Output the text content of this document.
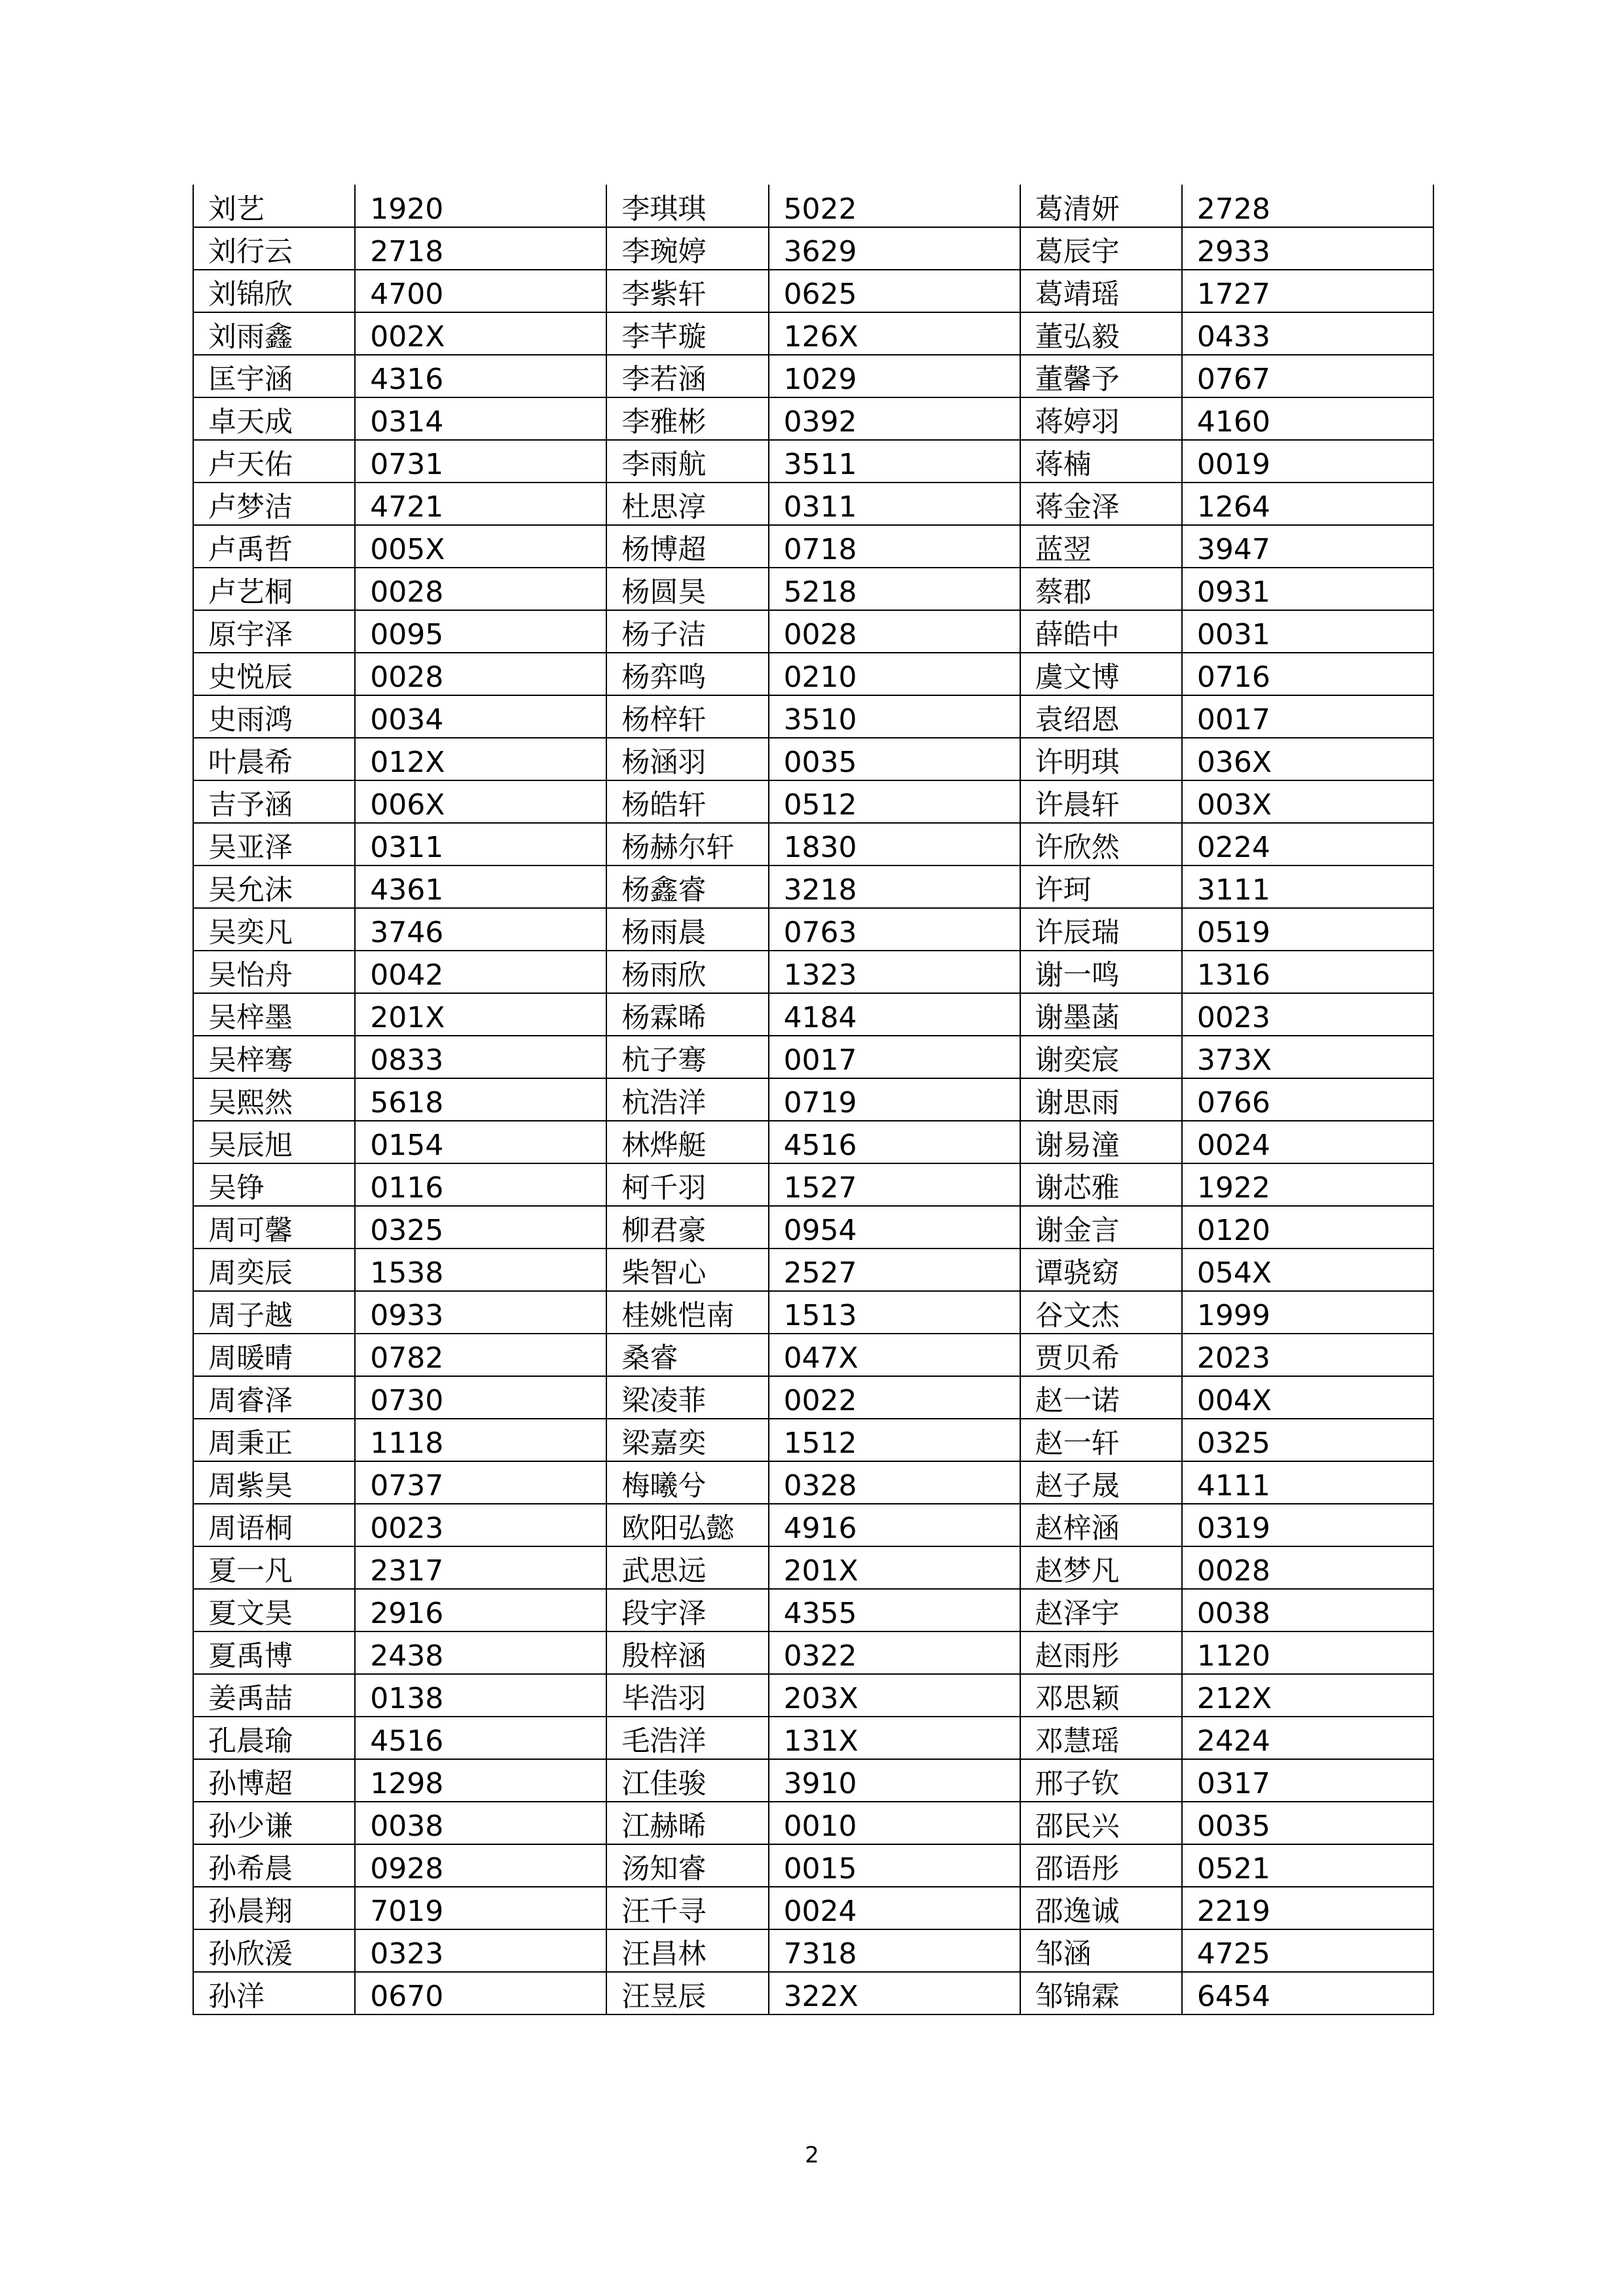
刘艺	1920	李琪琪	5022	葛清妍	2728
刘行云	2718	李琬婷	3629	葛辰宇	2933
刘锦欣	4700	李紫轩	0625	葛靖瑶	1727
刘雨鑫	002X	李芊璇	126X	董弘毅	0433
匡宇涵	4316	李若涵	1029	董馨予	0767
卓天成	0314	李雅彬	0392	蒋婷羽	4160
卢天佑	0731	李雨航	3511	蒋楠	0019
卢梦洁	4721	杜思淳	0311	蒋金泽	1264
卢禹哲	005X	杨博超	0718	蓝翌	3947
卢艺桐	0028	杨圆昊	5218	蔡郡	0931
原宇泽	0095	杨子洁	0028	薛皓中	0031
史悦辰	0028	杨弈鸣	0210	虞文博	0716
史雨鸿	0034	杨梓轩	3510	袁绍恩	0017
叶晨希	012X	杨涵羽	0035	许明琪	036X
吉予涵	006X	杨皓轩	0512	许晨轩	003X
吴亚泽	0311	杨赫尔轩	1830	许欣然	0224
吴允沫	4361	杨鑫睿	3218	许珂	3111
吴奕凡	3746	杨雨晨	0763	许辰瑞	0519
吴怡舟	0042	杨雨欣	1323	谢一鸣	1316
吴梓墨	201X	杨霖晞	4184	谢墨菡	0023
吴梓骞	0833	杭子骞	0017	谢奕宸	373X
吴熙然	5618	杭浩洋	0719	谢思雨	0766
吴辰旭	0154	林烨艇	4516	谢易潼	0024
吴铮	0116	柯千羽	1527	谢芯雅	1922
周可馨	0325	柳君豪	0954	谢金言	0120
周奕辰	1538	柴智心	2527	谭骁窈	054X
周子越	0933	桂姚恺南	1513	谷文杰	1999
周暖晴	0782	桑睿	047X	贾贝希	2023
周睿泽	0730	梁凌菲	0022	赵一诺	004X
周秉正	1118	梁嘉奕	1512	赵一轩	0325
周紫昊	0737	梅曦兮	0328	赵子晟	4111
周语桐	0023	欧阳弘懿	4916	赵梓涵	0319
夏一凡	2317	武思远	201X	赵梦凡	0028
夏文昊	2916	段宇泽	4355	赵泽宇	0038
夏禹博	2438	殷梓涵	0322	赵雨彤	1120
姜禹喆	0138	毕浩羽	203X	邓思颖	212X
孔晨瑜	4516	毛浩洋	131X	邓慧瑶	2424
孙博超	1298	江佳骏	3910	邢子钦	0317
孙少谦	0038	江赫晞	0010	邵民兴	0035
孙希晨	0928	汤知睿	0015	邵语彤	0521
孙晨翔	7019	汪千寻	0024	邵逸诚	2219
孙欣湲	0323	汪昌林	7318	邹涵	4725
孙洋	0670	汪昱辰	322X	邹锦霖	6454
2
